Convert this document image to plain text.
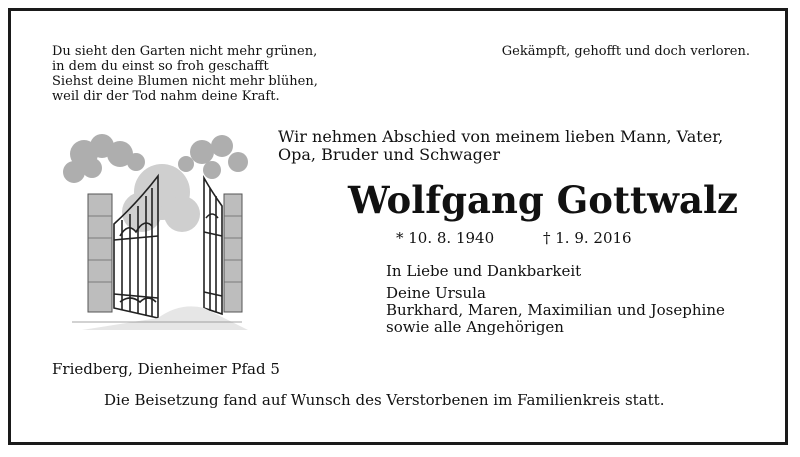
Du sieht den Garten nicht mehr grünen,
in dem du einst so froh geschafft
Siehst deine Blumen nicht mehr blühen,
weil dir der Tod nahm deine Kraft.
Gekämpft, gehofft und doch verloren.
Wir nehmen Abschied von meinem lieben Mann, Vater, Opa, Bruder und Schwager
Wolfgang Gottwalz
* 10. 8. 1940	† 1. 9. 2016
In Liebe und Dankbarkeit
Deine Ursula
Burkhard, Maren, Maximilian und Josephine
sowie alle Angehörigen
Friedberg, Dienheimer Pfad 5
Die Beisetzung fand auf Wunsch des Verstorbenen im Familienkreis statt.
